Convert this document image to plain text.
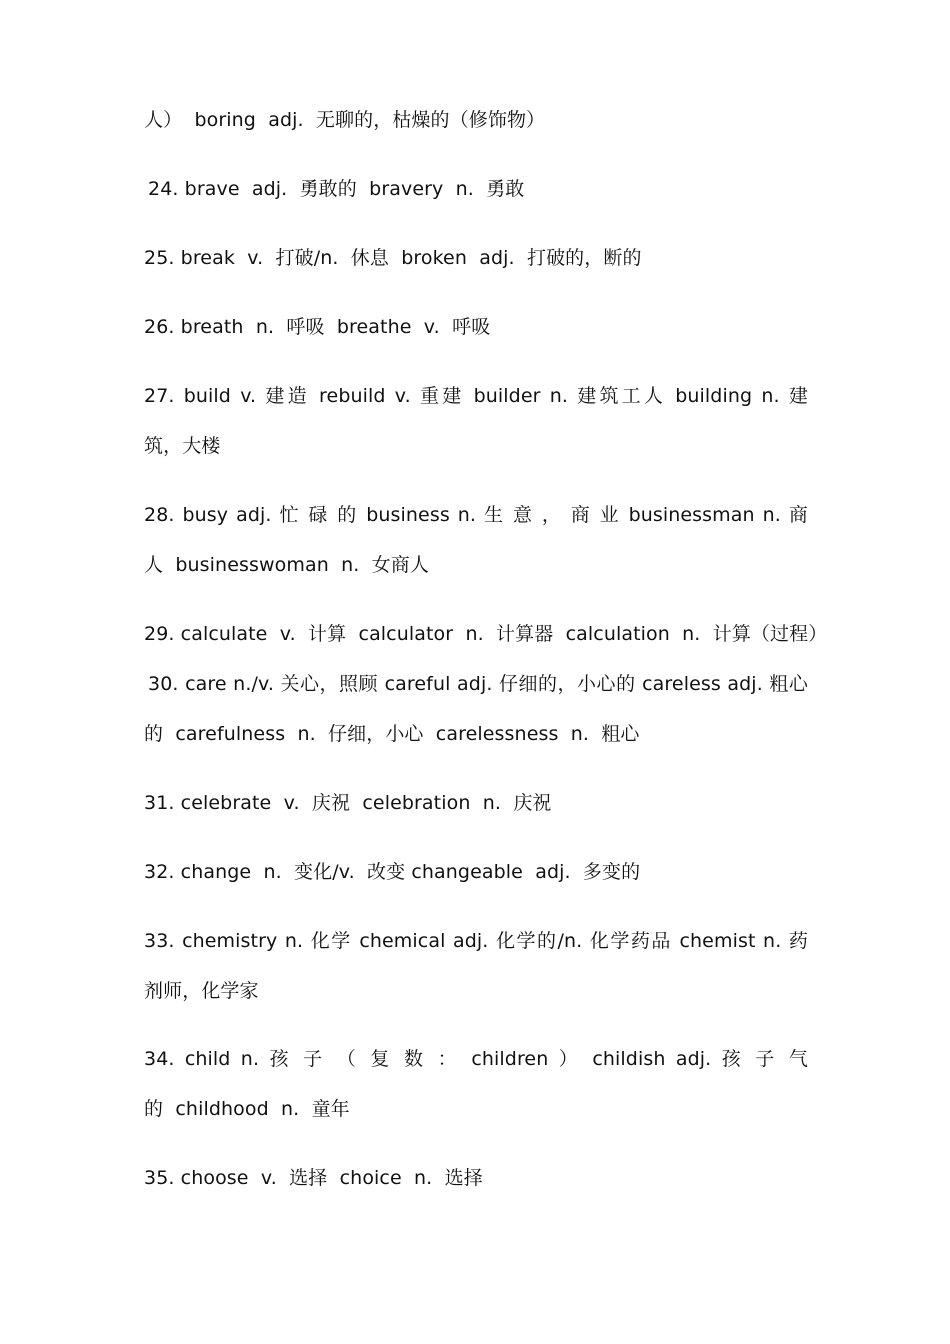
人）  boring  adj.  无聊的，枯燥的（修饰物）
24. brave  adj.  勇敢的  bravery  n.  勇敢
25. break  v.  打破/n.  休息  broken  adj.  打破的，断的
26. breath  n.  呼吸  breathe  v.  呼吸
27. build v. 建造 rebuild v. 重建 builder n. 建筑工人 building n. 建
筑，大楼
28. busy adj. 忙 碌 的 business n. 生 意 ， 商 业 businessman n. 商
人  businesswoman  n.  女商人
29. calculate  v.  计算  calculator  n.  计算器  calculation  n.  计算（过程）
30. care n./v. 关心，照顾 careful adj. 仔细的，小心的 careless adj. 粗心
的  carefulness  n.  仔细，小心  carelessness  n.  粗心
31. celebrate  v.  庆祝  celebration  n.  庆祝
32. change  n.  变化/v.  改变 changeable  adj.  多变的
33. chemistry n. 化学 chemical adj. 化学的/n. 化学药品 chemist n. 药
剂师，化学家
34. child n. 孩 子 （ 复 数 ： children ） childish adj. 孩 子 气
的  childhood  n.  童年
35. choose  v.  选择  choice  n.  选择
